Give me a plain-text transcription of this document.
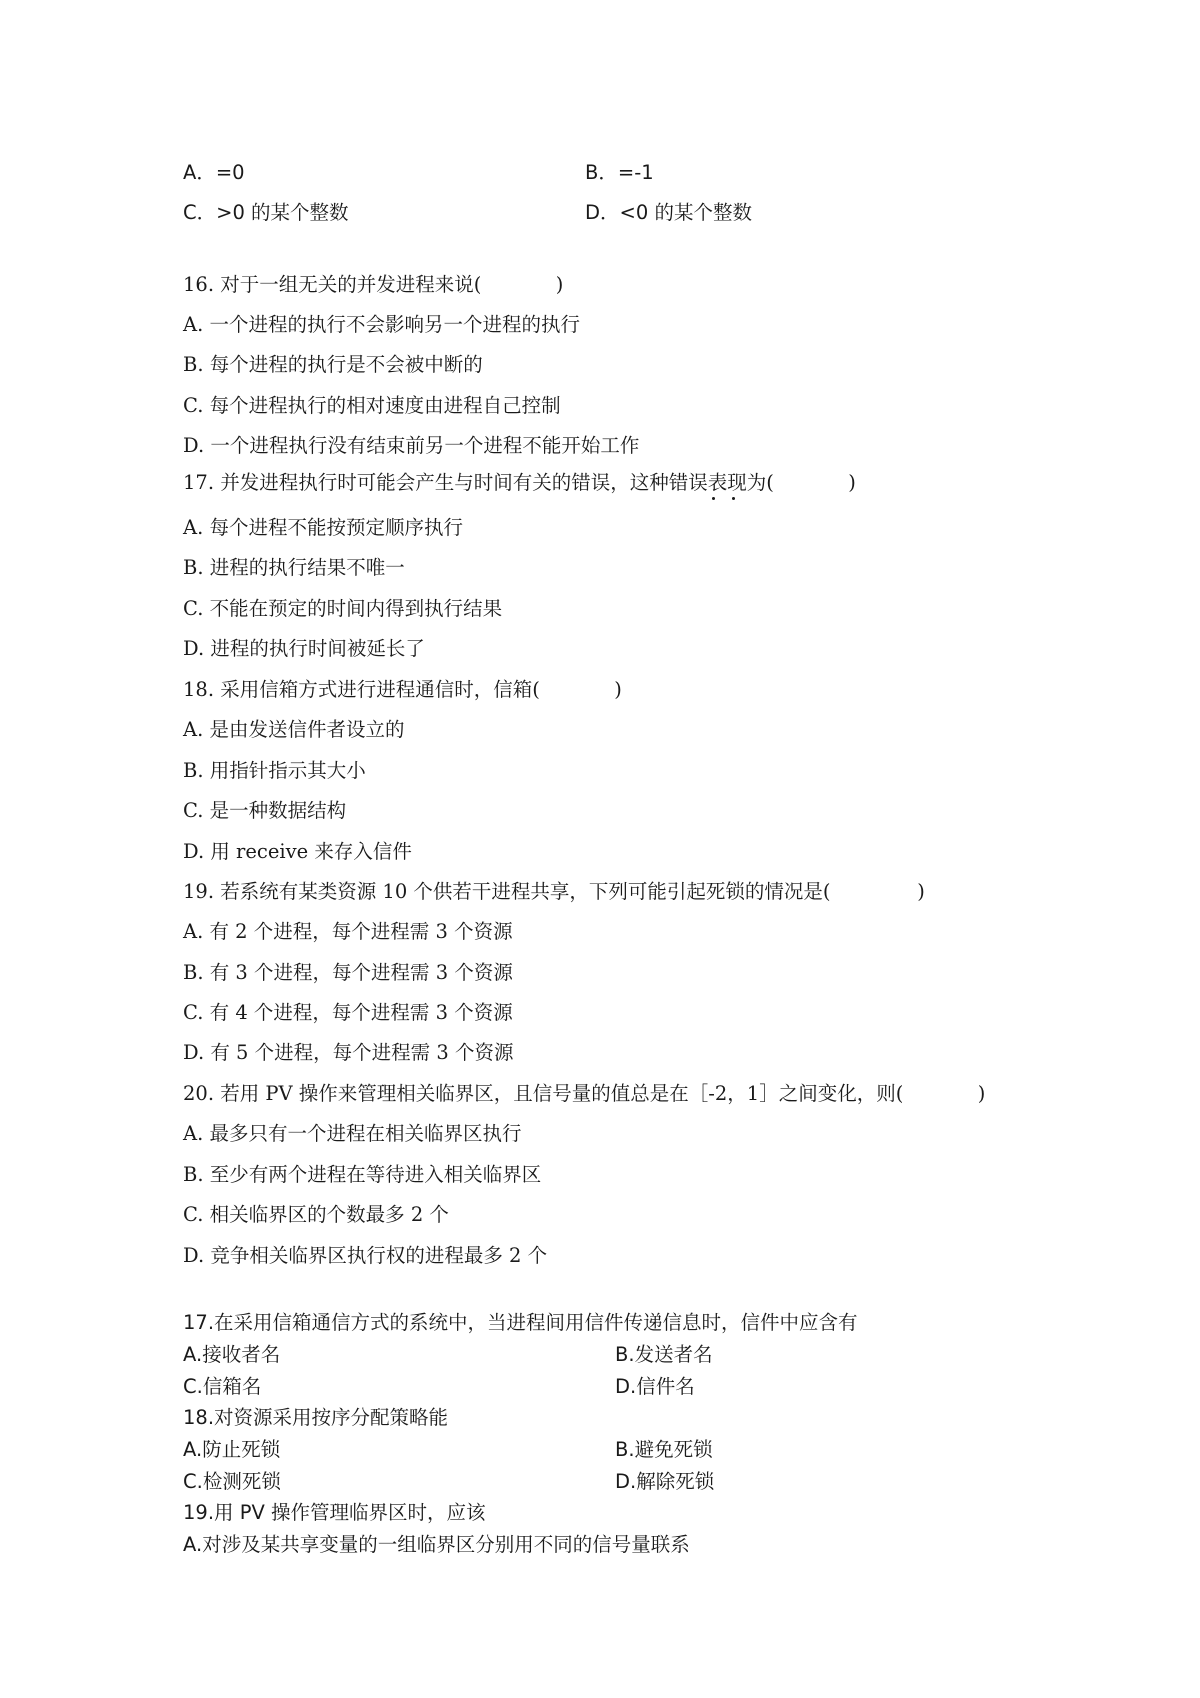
A．=0	B．=-1
C．>0 的某个整数	D．<0 的某个整数
16. 对于一组无关的并发进程来说(            )
A. 一个进程的执行不会影响另一个进程的执行
B. 每个进程的执行是不会被中断的
C. 每个进程执行的相对速度由进程自己控制
D. 一个进程执行没有结束前另一个进程不能开始工作
17. 并发进程执行时可能会产生与时间有关的错误，这种错误表现为(            )
A. 每个进程不能按预定顺序执行
B. 进程的执行结果不唯一
C. 不能在预定的时间内得到执行结果
D. 进程的执行时间被延长了
18. 采用信箱方式进行进程通信时，信箱(            )
A. 是由发送信件者设立的
B. 用指针指示其大小
C. 是一种数据结构
D. 用 receive 来存入信件
19. 若系统有某类资源 10 个供若干进程共享，下列可能引起死锁的情况是(              )
A. 有 2 个进程，每个进程需 3 个资源
B. 有 3 个进程，每个进程需 3 个资源
C. 有 4 个进程，每个进程需 3 个资源
D. 有 5 个进程，每个进程需 3 个资源
20. 若用 PV 操作来管理相关临界区，且信号量的值总是在［-2，1］之间变化，则(            )
A. 最多只有一个进程在相关临界区执行
B. 至少有两个进程在等待进入相关临界区
C. 相关临界区的个数最多 2 个
D. 竞争相关临界区执行权的进程最多 2 个
17.在采用信箱通信方式的系统中，当进程间用信件传递信息时，信件中应含有
A.接收者名	B.发送者名
C.信箱名	D.信件名
18.对资源采用按序分配策略能
A.防止死锁	B.避免死锁
C.检测死锁	D.解除死锁
19.用 PV 操作管理临界区时，应该
A.对涉及某共享变量的一组临界区分别用不同的信号量联系
